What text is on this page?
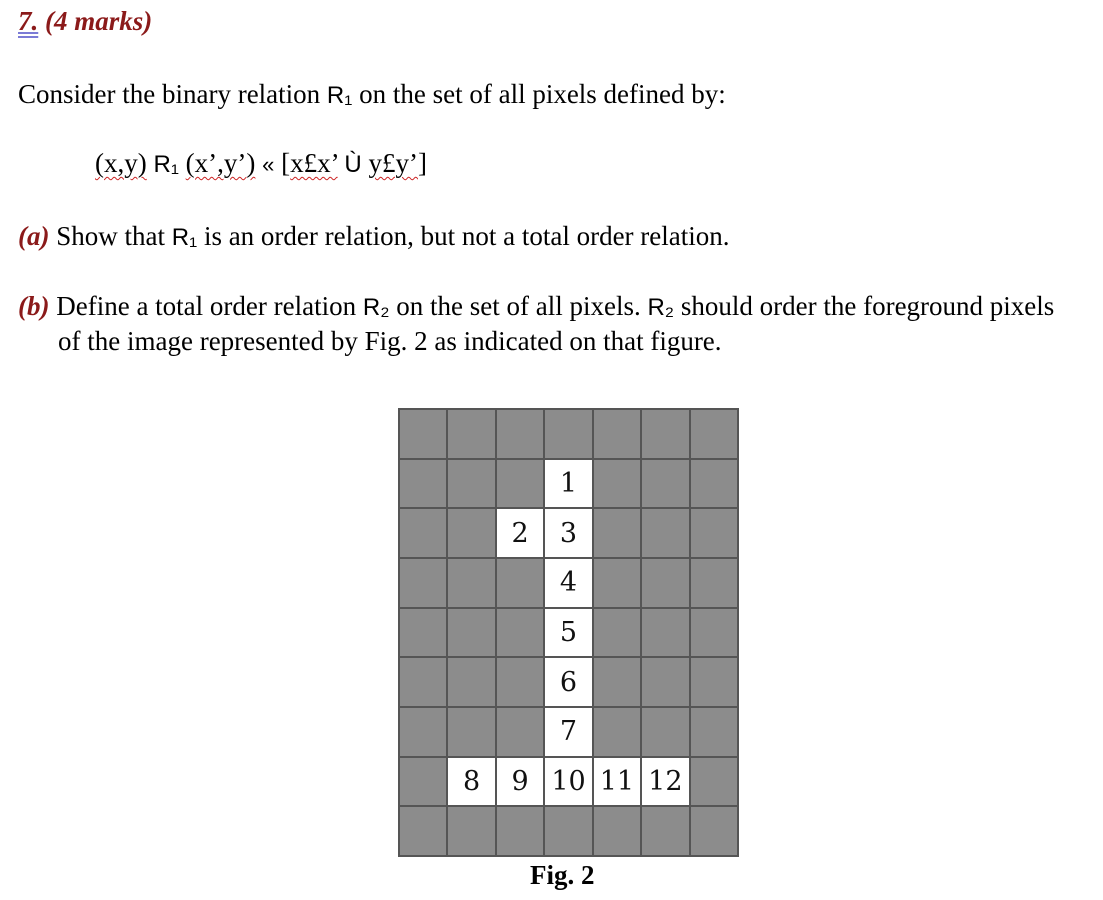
7. (4 marks)
Consider the binary relation R₁ on the set of all pixels defined by:
(x,y) R₁ (x’,y’) « [x£x’ Ù y£y’]
(a) Show that R₁ is an order relation, but not a total order relation.
(b) Define a total order relation R₂ on the set of all pixels. R₂ should order the foreground pixels
of the image represented by Fig. 2 as indicated on that figure.
1
2	3
4
5
6
7
8	9 10 11 12
Fig. 2
